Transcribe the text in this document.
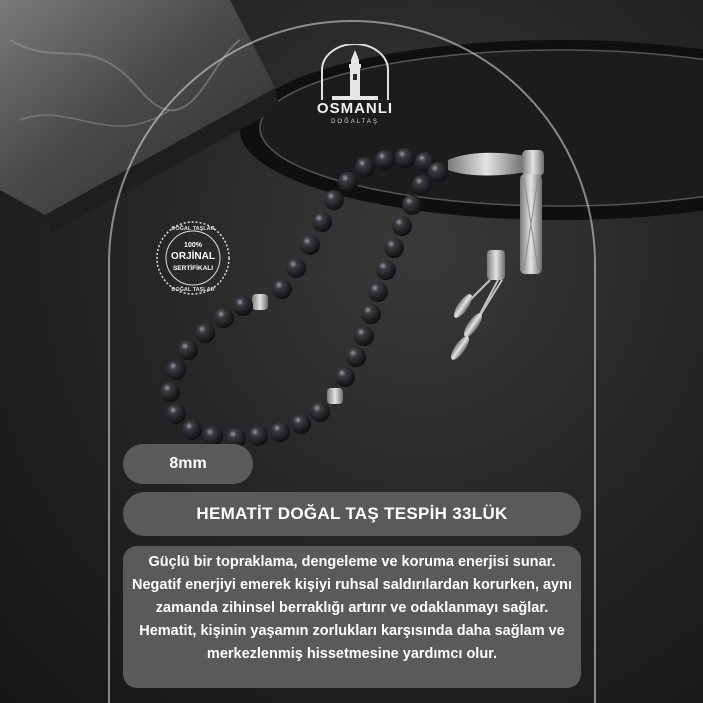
OSMANLI
DOĞALTAŞ
DOĞAL TAŞLAR
100%
ORJİNAL
SERTİFİKALI
DOĞAL TAŞLAR
8mm
HEMATİT DOĞAL TAŞ TESPİH 33LÜK
Güçlü bir topraklama, dengeleme ve koruma enerjisi sunar. Negatif enerjiyi emerek kişiyi ruhsal saldırılardan korurken, aynı zamanda zihinsel berraklığı artırır ve odaklanmayı sağlar. Hematit, kişinin yaşamın zorlukları karşısında daha sağlam ve merkezlenmiş hissetmesine yardımcı olur.
